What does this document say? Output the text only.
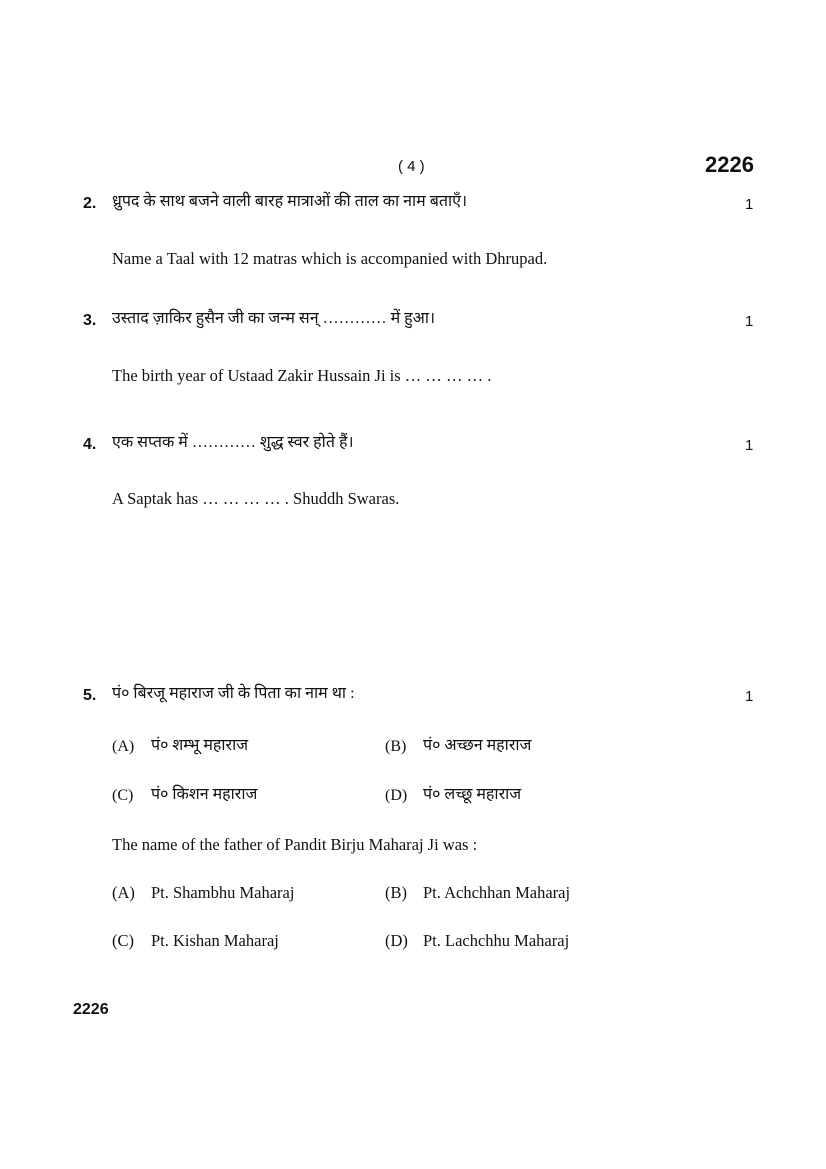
( 4 )	2226
2. ध्रुपद के साथ बजने वाली बारह मात्राओं की ताल का नाम बताएँ।	1
Name a Taal with 12 matras which is accompanied with Dhrupad.
3. उस्ताद ज़ाकिर हुसैन जी का जन्म सन् ………… में हुआ।	1
The birth year of Ustaad Zakir Hussain Ji is … … … … .
4. एक सप्तक में ………… शुद्ध स्वर होते हैं।	1
A Saptak has … … … … . Shuddh Swaras.
5. पं० बिरजू महाराज जी के पिता का नाम था :	1
(A) पं० शम्भू महाराज	(B) पं० अच्छन महाराज
(C) पं० किशन महाराज	(D) पं० लच्छू महाराज
The name of the father of Pandit Birju Maharaj Ji was :
(A) Pt. Shambhu Maharaj	(B) Pt. Achchhan Maharaj
(C) Pt. Kishan Maharaj	(D) Pt. Lachchhu Maharaj
2226
